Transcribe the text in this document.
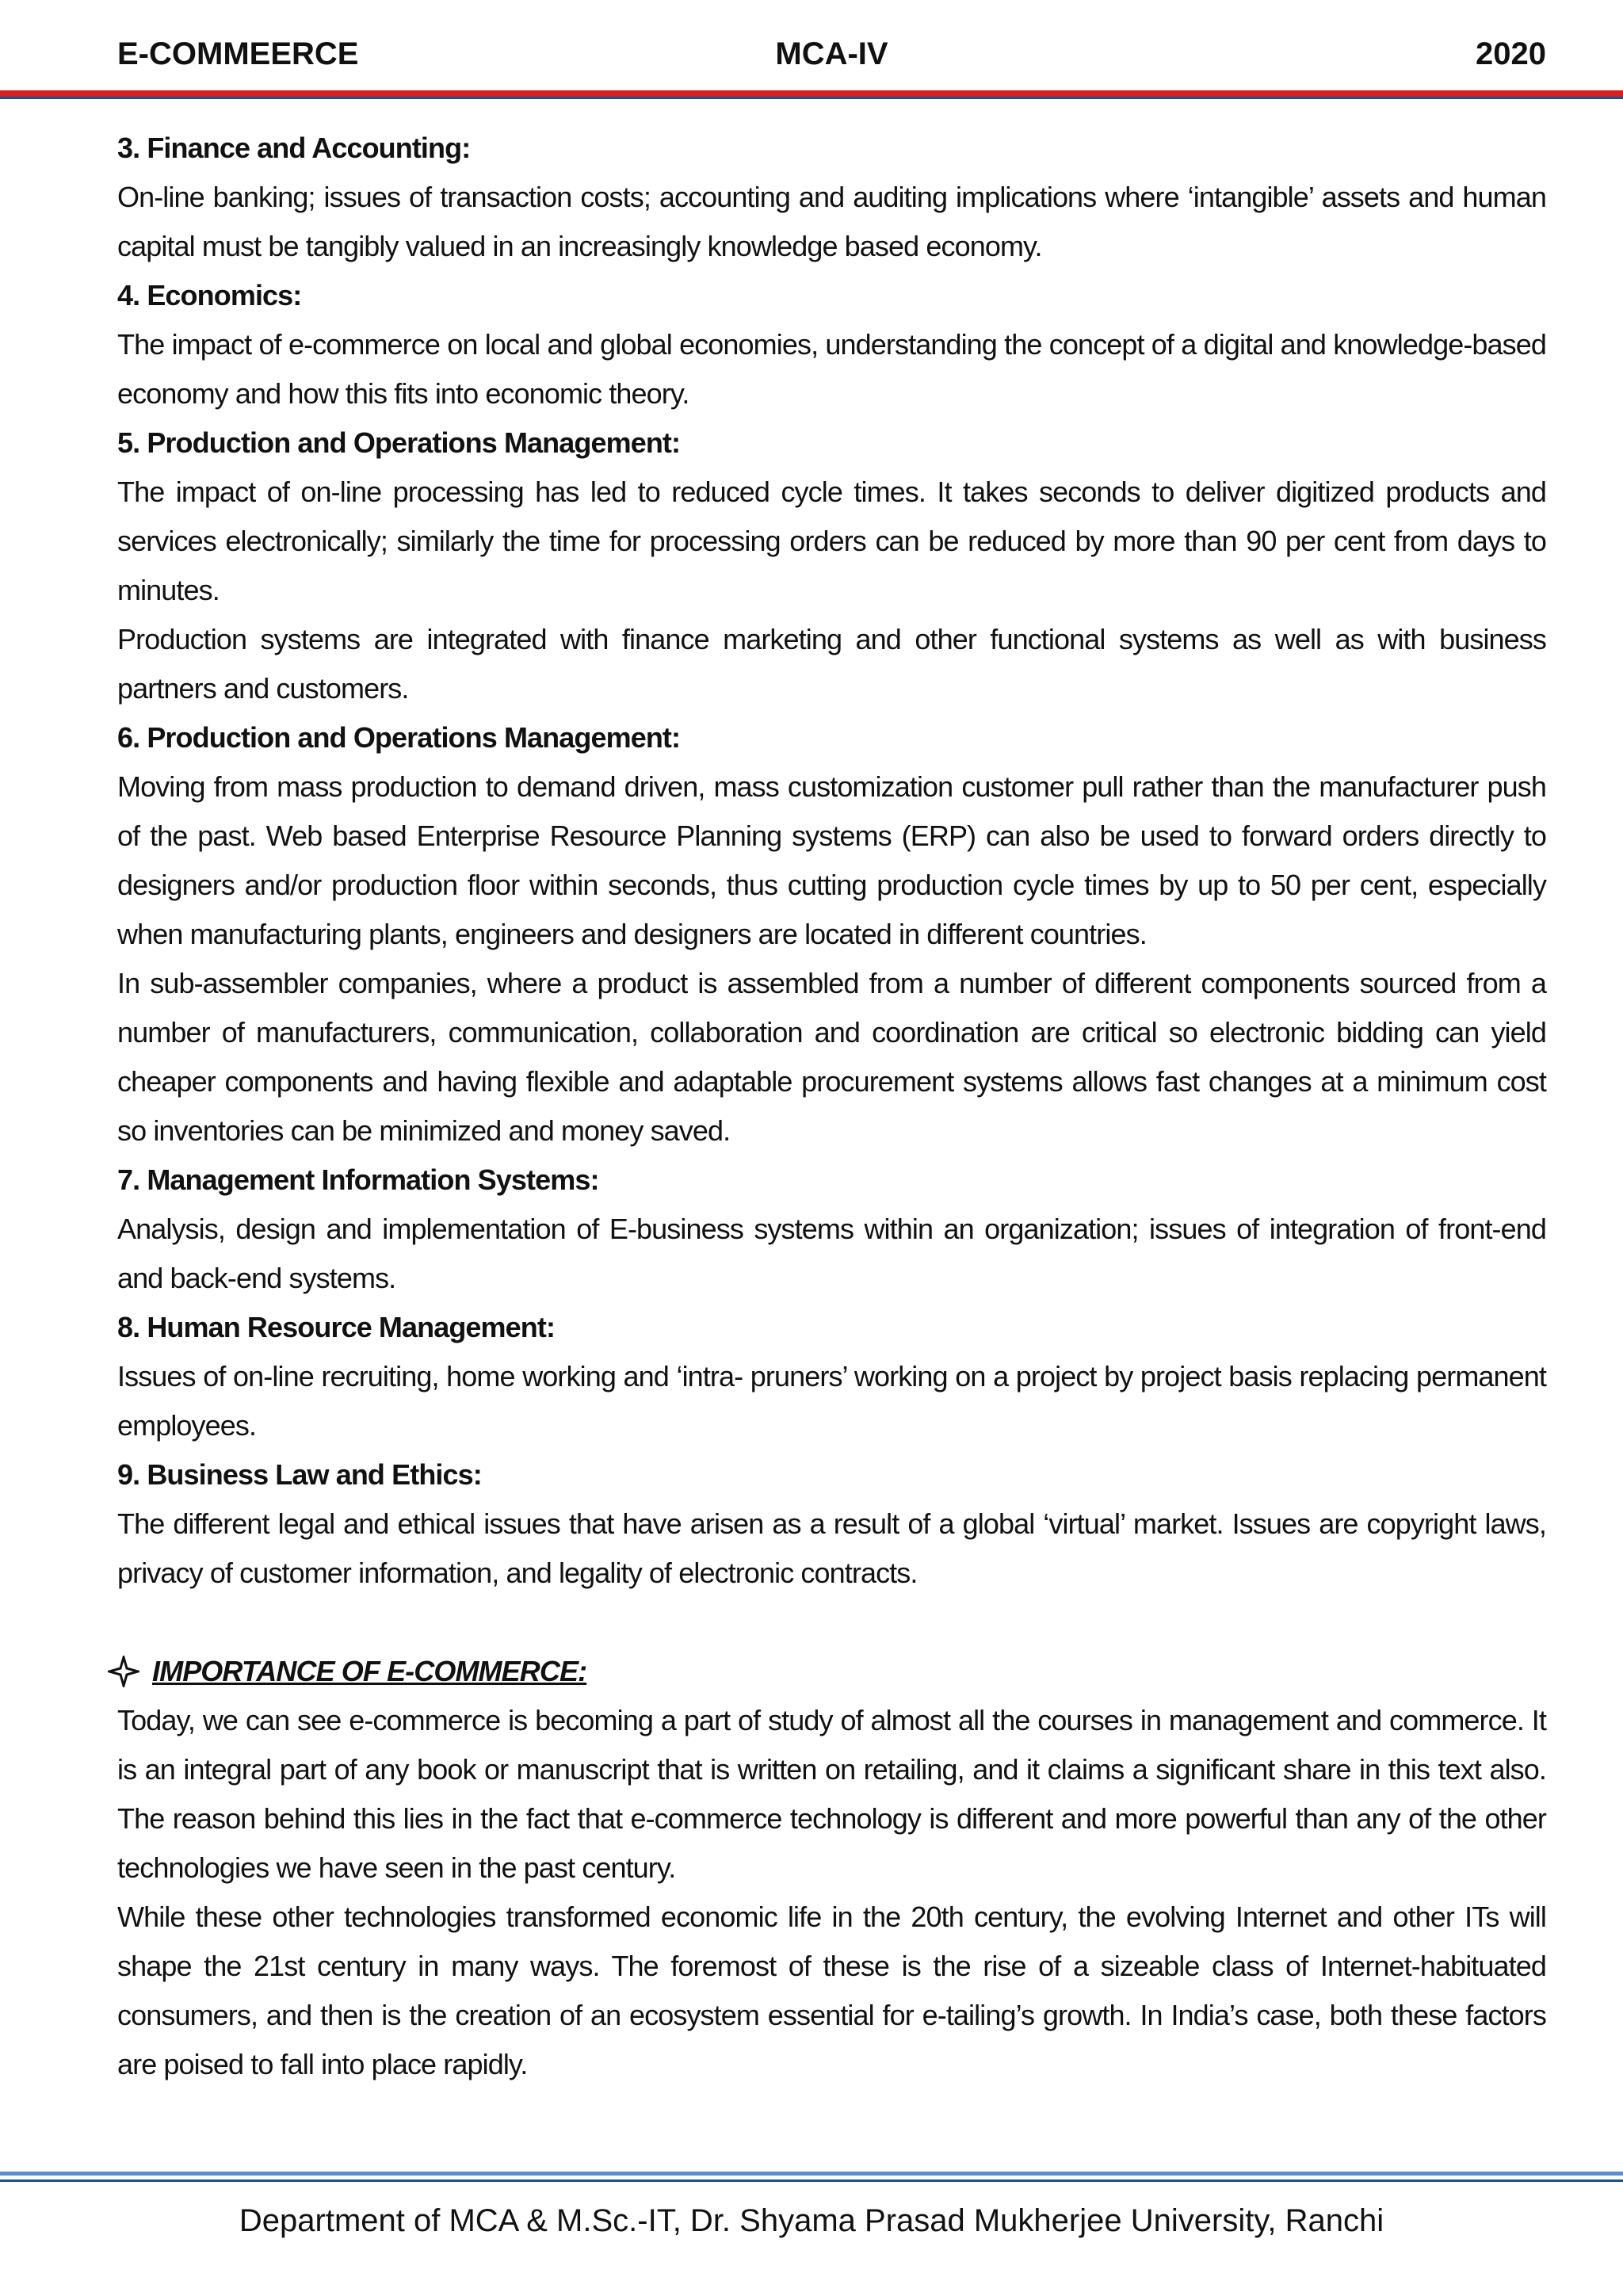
E-COMMEERCE	MCA-IV	2020
3. Finance and Accounting:

On-line banking; issues of transaction costs; accounting and auditing implications where ‘intangible’ assets and human capital must be tangibly valued in an increasingly knowledge based economy.

4. Economics:

The impact of e-commerce on local and global economies, understanding the concept of a digital and knowledge-based economy and how this fits into economic theory.

5. Production and Operations Management:

The impact of on-line processing has led to reduced cycle times. It takes seconds to deliver digitized products and services electronically; similarly the time for processing orders can be reduced by more than 90 per cent from days to minutes.

Production systems are integrated with finance marketing and other functional systems as well as with business partners and customers.

6. Production and Operations Management:

Moving from mass production to demand driven, mass customization customer pull rather than the manufacturer push of the past. Web based Enterprise Resource Planning systems (ERP) can also be used to forward orders directly to designers and/or production floor within seconds, thus cutting production cycle times by up to 50 per cent, especially when manufacturing plants, engineers and designers are located in different countries.

In sub-assembler companies, where a product is assembled from a number of different components sourced from a number of manufacturers, communication, collaboration and coordination are critical so electronic bidding can yield cheaper components and having flexible and adaptable procurement systems allows fast changes at a minimum cost so inventories can be minimized and money saved.

7. Management Information Systems:

Analysis, design and implementation of E-business systems within an organization; issues of integration of front-end and back-end systems.

8. Human Resource Management:

Issues of on-line recruiting, home working and ‘intra- pruners’ working on a project by project basis replacing permanent employees.

9. Business Law and Ethics:

The different legal and ethical issues that have arisen as a result of a global ‘virtual’ market. Issues are copyright laws, privacy of customer information, and legality of electronic contracts.

IMPORTANCE OF E-COMMERCE:

Today, we can see e-commerce is becoming a part of study of almost all the courses in management and commerce. It is an integral part of any book or manuscript that is written on retailing, and it claims a significant share in this text also. The reason behind this lies in the fact that e-commerce technology is different and more powerful than any of the other technologies we have seen in the past century.

While these other technologies transformed economic life in the 20th century, the evolving Internet and other ITs will shape the 21st century in many ways. The foremost of these is the rise of a sizeable class of Internet-habituated consumers, and then is the creation of an ecosystem essential for e-tailing’s growth. In India’s case, both these factors are poised to fall into place rapidly.

Department of MCA & M.Sc.-IT, Dr. Shyama Prasad Mukherjee University, Ranchi
